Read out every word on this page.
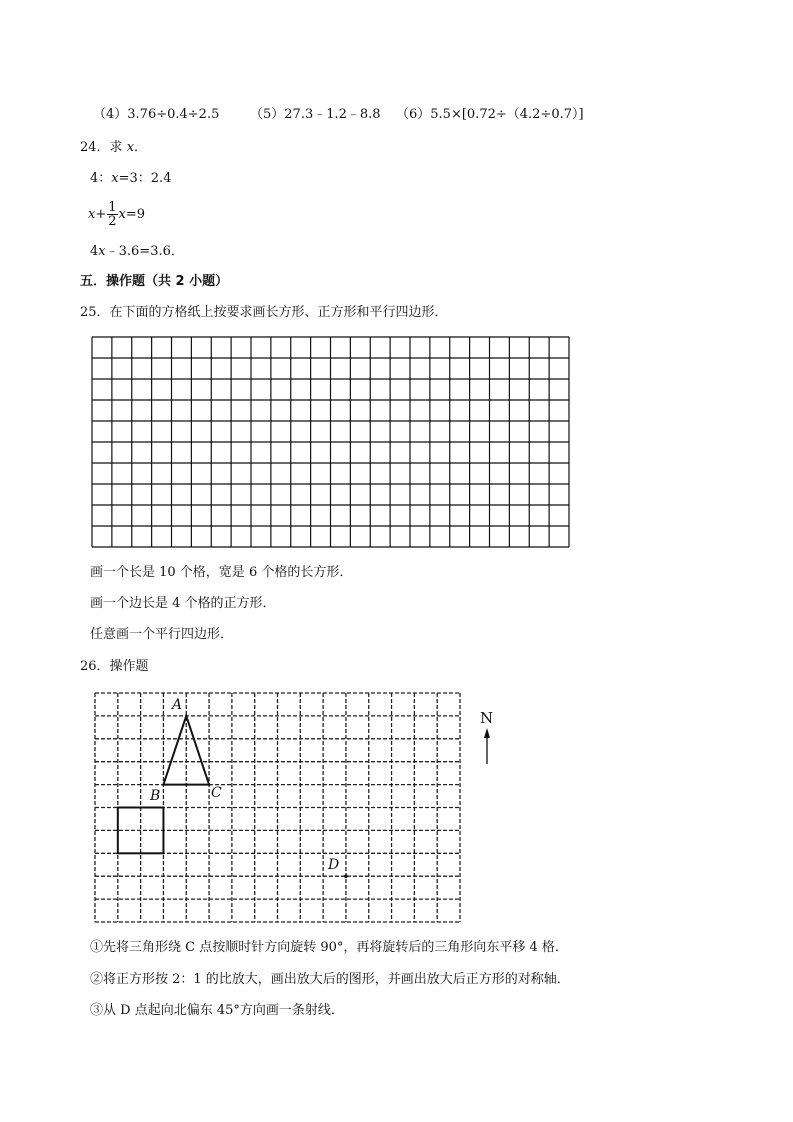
（4）3.76÷0.4÷2.5 （5）27.3﹣1.2﹣8.8 （6）5.5×[0.72÷（4.2÷0.7）]
24．求 x．
4：x=3：2.4
$x+ \frac{1}{2} x=9$
4x﹣3.6=3.6．
五．操作题（共 2 小题）
25．在下面的方格纸上按要求画长方形、正方形和平行四边形．
画一个长是 10 个格，宽是 6 个格的长方形．
画一个边长是 4 个格的正方形．
任意画一个平行四边形．
26．操作题
A
B	C
D
N
①先将三角形绕 C 点按顺时针方向旋转 90°，再将旋转后的三角形向东平移 4 格．
②将正方形按 2：1 的比放大，画出放大后的图形，并画出放大后正方形的对称轴．
③从 D 点起向北偏东 45°方向画一条射线．
